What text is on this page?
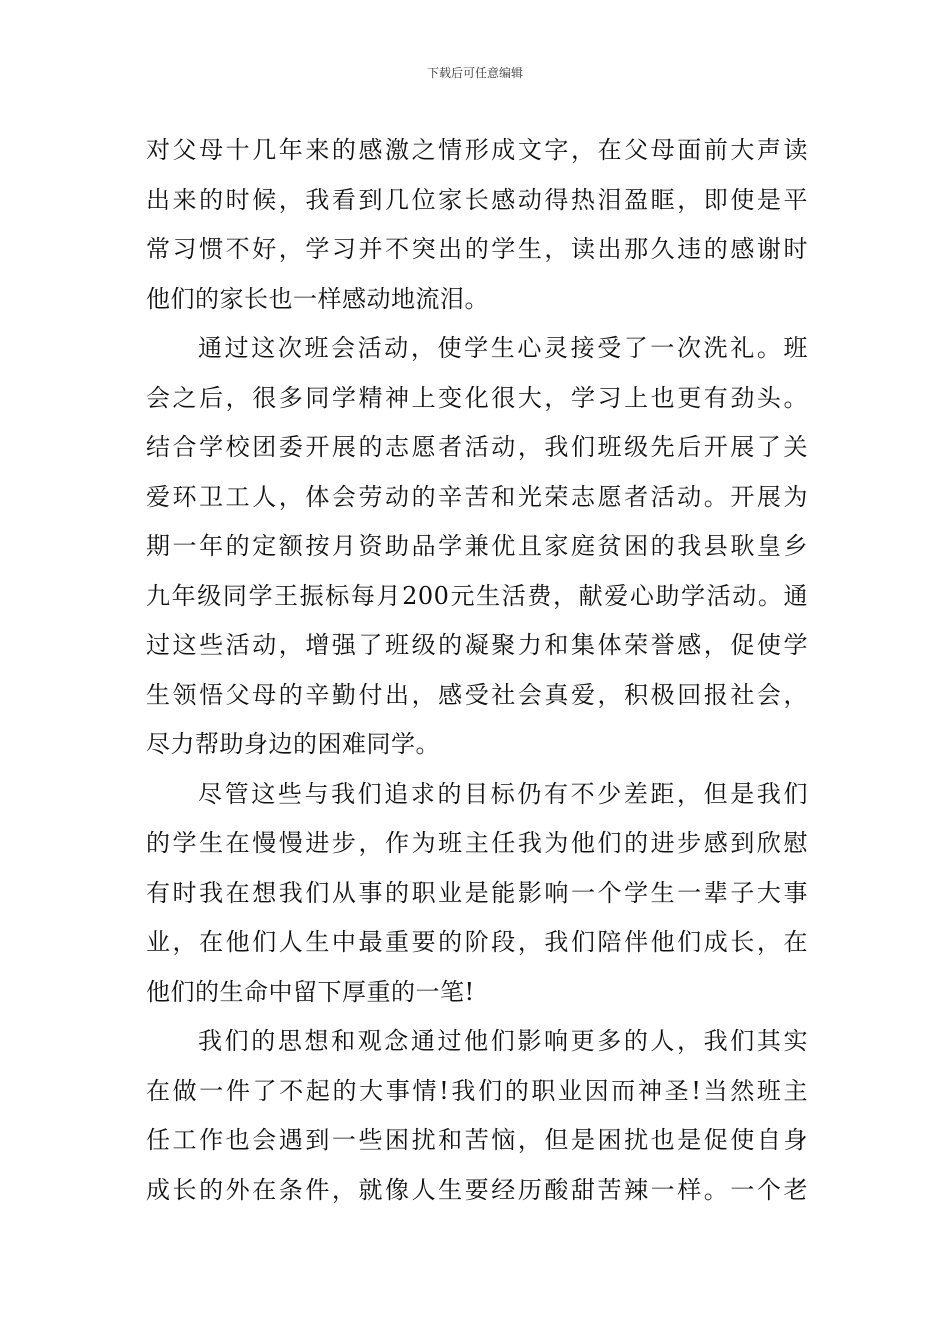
下载后可任意编辑
对父母十几年来的感激之情形成文字，在父母面前大声读
出来的时候，我看到几位家长感动得热泪盈眶，即使是平
常习惯不好，学习并不突出的学生，读出那久违的感谢时
他们的家长也一样感动地流泪。
通过这次班会活动，使学生心灵接受了一次洗礼。班
会之后，很多同学精神上变化很大，学习上也更有劲头。
结合学校团委开展的志愿者活动，我们班级先后开展了关
爱环卫工人，体会劳动的辛苦和光荣志愿者活动。开展为
期一年的定额按月资助品学兼优且家庭贫困的我县耿皇乡
九年级同学王振标每月200元生活费，献爱心助学活动。通
过这些活动，增强了班级的凝聚力和集体荣誉感，促使学
生领悟父母的辛勤付出，感受社会真爱，积极回报社会，
尽力帮助身边的困难同学。
尽管这些与我们追求的目标仍有不少差距，但是我们
的学生在慢慢进步，作为班主任我为他们的进步感到欣慰
有时我在想我们从事的职业是能影响一个学生一辈子大事
业，在他们人生中最重要的阶段，我们陪伴他们成长，在
他们的生命中留下厚重的一笔!
我们的思想和观念通过他们影响更多的人，我们其实
在做一件了不起的大事情!我们的职业因而神圣!当然班主
任工作也会遇到一些困扰和苦恼，但是困扰也是促使自身
成长的外在条件，就像人生要经历酸甜苦辣一样。一个老
